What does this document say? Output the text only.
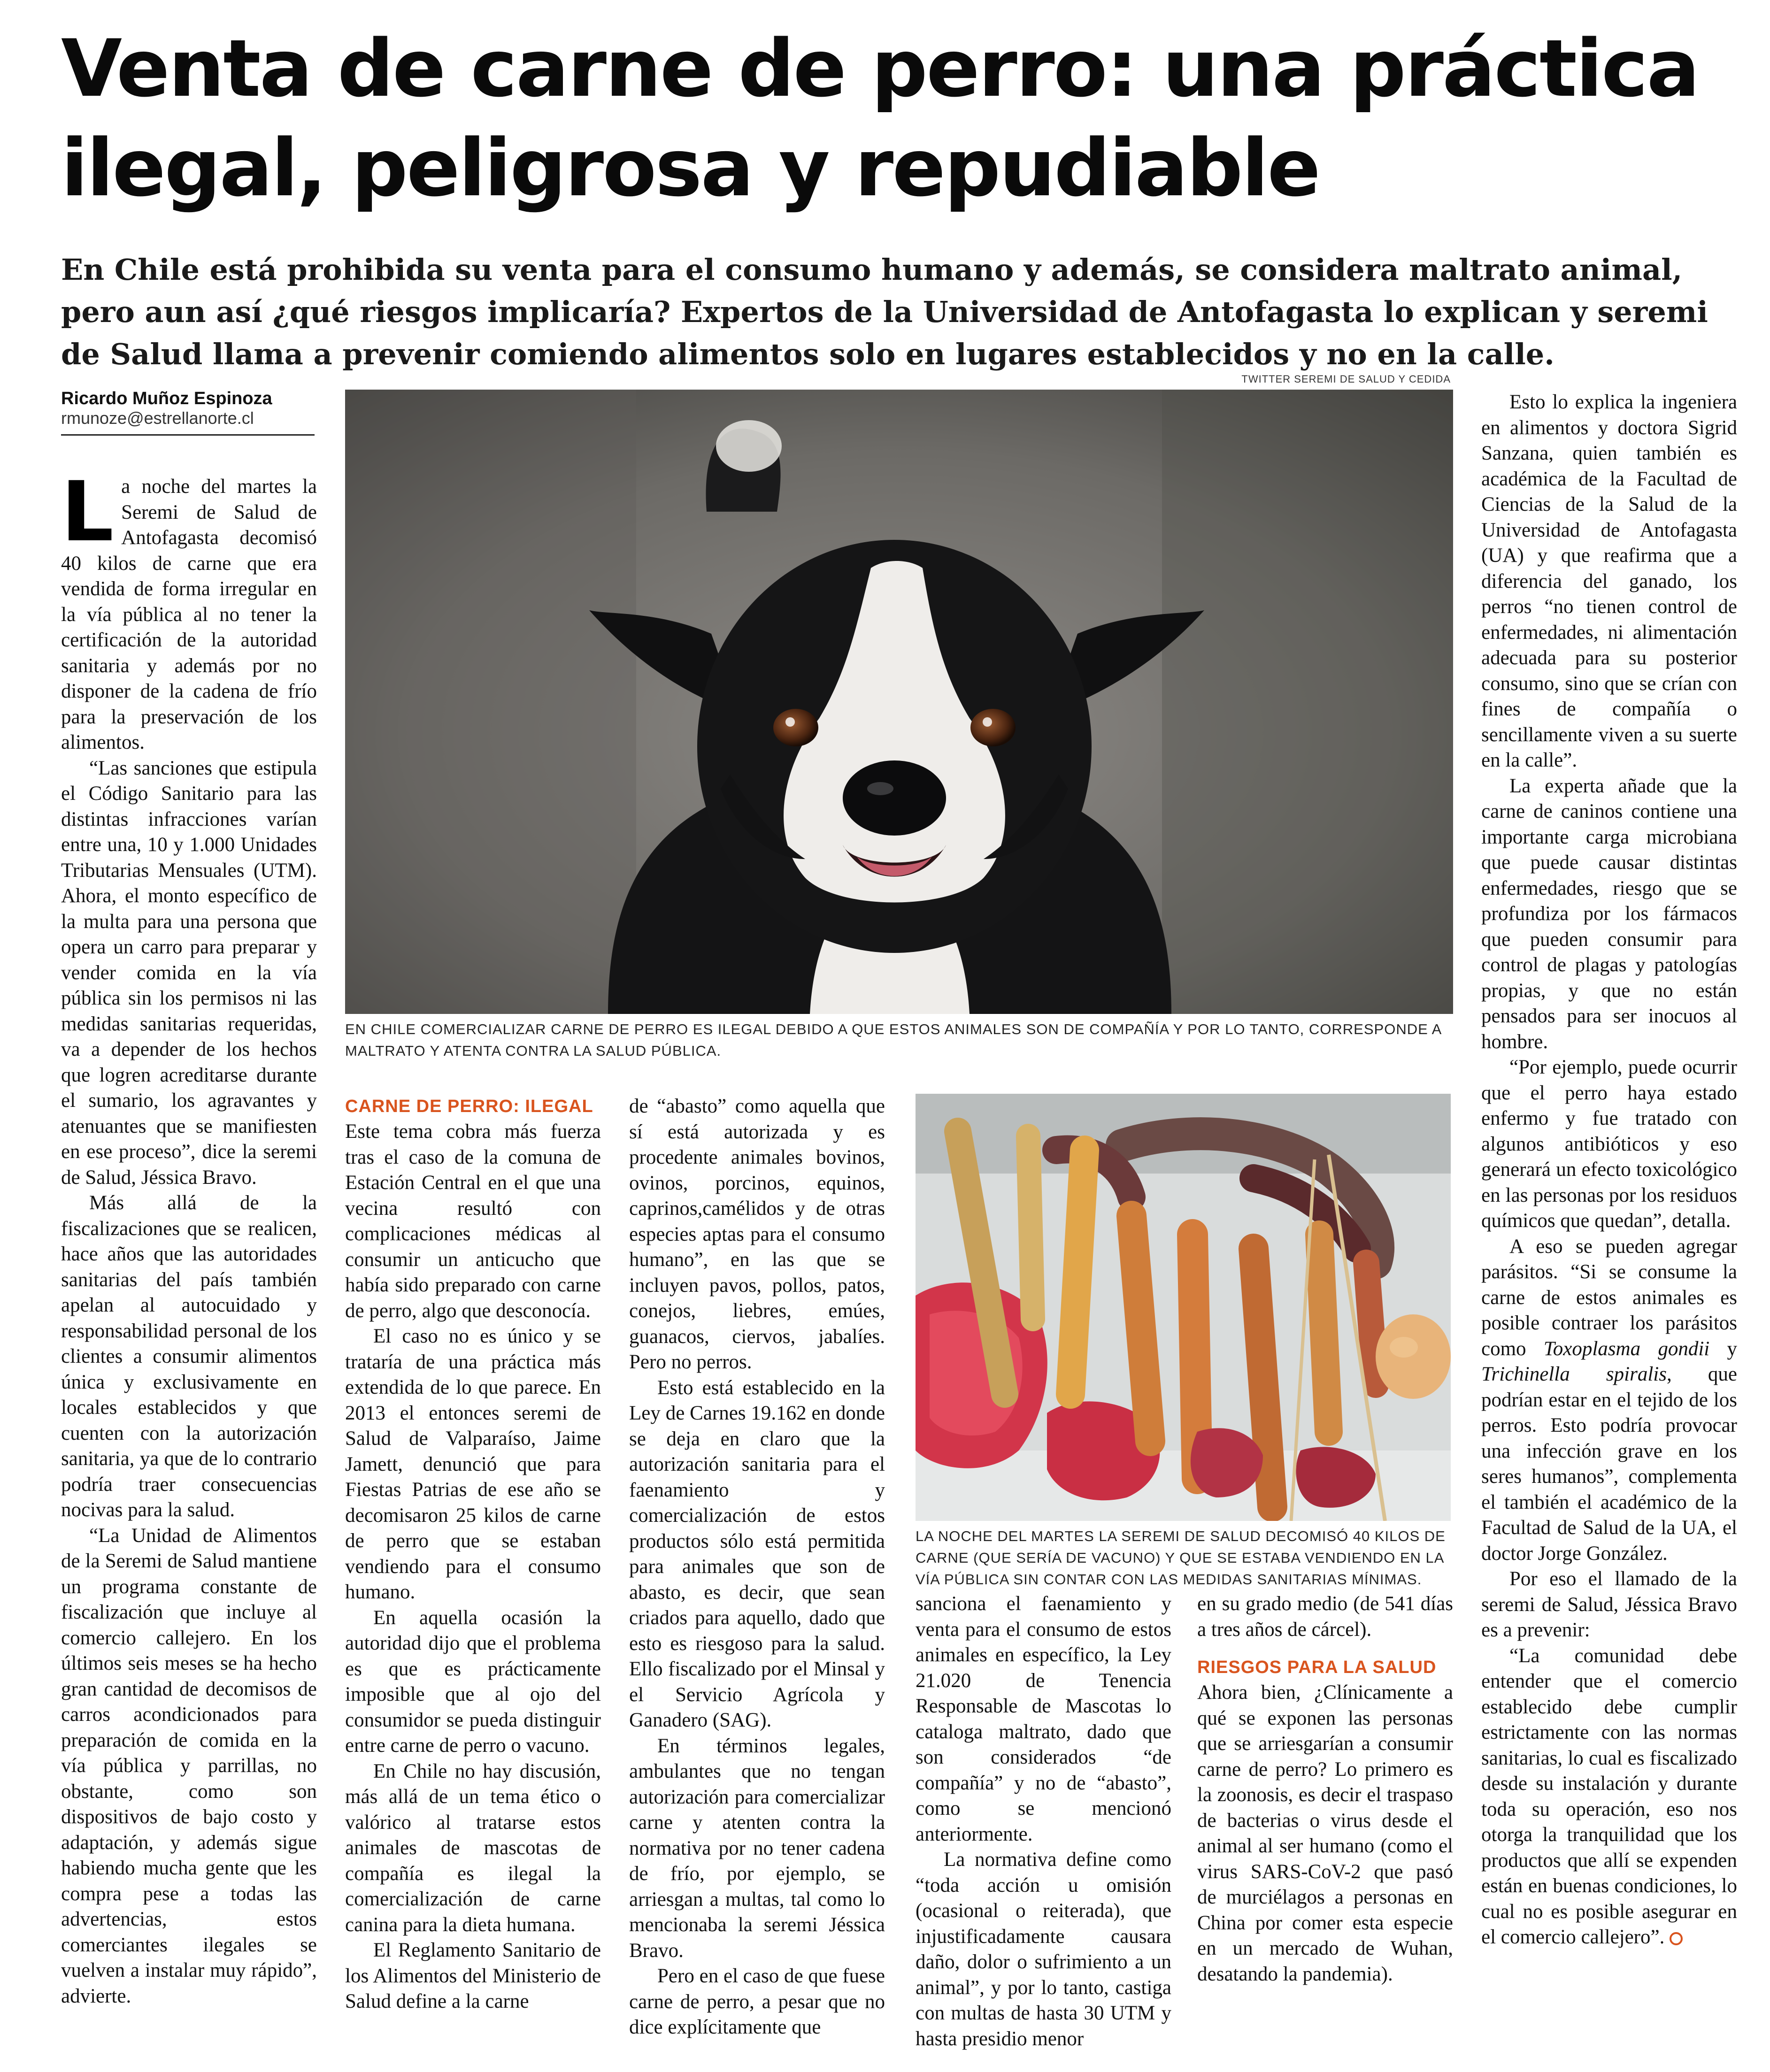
Venta de carne de perro: una práctica
ilegal, peligrosa y repudiable
En Chile está prohibida su venta para el consumo humano y además, se considera maltrato animal, pero aun así ¿qué riesgos implicaría? Expertos de la Universidad de Antofagasta lo explican y seremi de Salud llama a prevenir comiendo alimentos solo en lugares establecidos y no en la calle.
Ricardo Muñoz Espinoza
rmunoze@estrellanorte.cl
TWITTER SEREMI DE SALUD Y CEDIDA
EN CHILE COMERCIALIZAR CARNE DE PERRO ES ILEGAL DEBIDO A QUE ESTOS ANIMALES SON DE COMPAÑÍA Y POR LO TANTO, CORRESPONDE A MALTRATO Y ATENTA CONTRA LA SALUD PÚBLICA.
LA NOCHE DEL MARTES LA SEREMI DE SALUD DECOMISÓ 40 KILOS DE CARNE (QUE SERÍA DE VACUNO) Y QUE SE ESTABA VENDIENDO EN LA VÍA PÚBLICA SIN CONTAR CON LAS MEDIDAS SANITARIAS MÍNIMAS.

La noche del martes la Seremi de Salud de Antofagasta decomisó 40 kilos de carne que era vendida de forma irregular en la vía pública al no tener la certificación de la autoridad sanitaria y además por no disponer de la cadena de frío para la preservación de los alimentos.

“Las sanciones que estipula el Código Sanitario para las distintas infracciones varían entre una, 10 y 1.000 Unidades Tributarias Mensuales (UTM). Ahora, el monto específico de la multa para una persona que opera un carro para preparar y vender comida en la vía pública sin los permisos ni las medidas sanitarias requeridas, va a depender de los hechos que logren acreditarse durante el sumario, los agravantes y atenuantes que se manifiesten en ese proceso”, dice la seremi de Salud, Jéssica Bravo.

Más allá de la fiscalizaciones que se realicen, hace años que las autoridades sanitarias del país también apelan al autocuidado y responsabilidad personal de los clientes a consumir alimentos única y exclusivamente en locales establecidos y que cuenten con la autorización sanitaria, ya que de lo contrario podría traer consecuencias nocivas para la salud.

“La Unidad de Alimentos de la Seremi de Salud mantiene un programa constante de fiscalización que incluye al comercio callejero. En los últimos seis meses se ha hecho gran cantidad de decomisos de carros acondicionados para preparación de comida en la vía pública y parrillas, no obstante, como son dispositivos de bajo costo y adaptación, y además sigue habiendo mucha gente que les compra pese a todas las advertencias, estos comerciantes ilegales se vuelven a instalar muy rápido”, advierte.

CARNE DE PERRO: ILEGAL

Este tema cobra más fuerza tras el caso de la comuna de Estación Central en el que una vecina resultó con complicaciones médicas al consumir un anticucho que había sido preparado con carne de perro, algo que desconocía.

El caso no es único y se trataría de una práctica más extendida de lo que parece. En 2013 el entonces seremi de Salud de Valparaíso, Jaime Jamett, denunció que para Fiestas Patrias de ese año se decomisaron 25 kilos de carne de perro que se estaban vendiendo para el consumo humano.

En aquella ocasión la autoridad dijo que el problema es que es prácticamente imposible que al ojo del consumidor se pueda distinguir entre carne de perro o vacuno.

En Chile no hay discusión, más allá de un tema ético o valórico al tratarse estos animales de mascotas de compañía es ilegal la comercialización de carne canina para la dieta humana.

El Reglamento Sanitario de los Alimentos del Ministerio de Salud define a la carne

de “abasto” como aquella que sí está autorizada y es procedente animales bovinos, ovinos, porcinos, equinos, caprinos,camélidos y de otras especies aptas para el consumo humano”, en las que se incluyen pavos, pollos, patos, conejos, liebres, emúes, guanacos, ciervos, jabalíes. Pero no perros.

Esto está establecido en la Ley de Carnes 19.162 en donde se deja en claro que la autorización sanitaria para el faenamiento y comercialización de estos productos sólo está permitida para animales que son de abasto, es decir, que sean criados para aquello, dado que esto es riesgoso para la salud. Ello fiscalizado por el Minsal y el Servicio Agrícola y Ganadero (SAG).

En términos legales, ambulantes que no tengan autorización para comercializar carne y atenten contra la normativa por no tener cadena de frío, por ejemplo, se arriesgan a multas, tal como lo mencionaba la seremi Jéssica Bravo.

Pero en el caso de que fuese carne de perro, a pesar que no dice explícitamente que

sanciona el faenamiento y venta para el consumo de estos animales en específico, la Ley 21.020 de Tenencia Responsable de Mascotas lo cataloga maltrato, dado que son considerados “de compañía” y no de “abasto”, como se mencionó anteriormente.

La normativa define como “toda acción u omisión (ocasional o reiterada), que injustificadamente causara daño, dolor o sufrimiento a un animal”, y por lo tanto, castiga con multas de hasta 30 UTM y hasta presidio menor

en su grado medio (de 541 días a tres años de cárcel).

RIESGOS PARA LA SALUD

Ahora bien, ¿Clínicamente a qué se exponen las personas que se arriesgarían a consumir carne de perro? Lo primero es la zoonosis, es decir el traspaso de bacterias o virus desde el animal al ser humano (como el virus SARS-CoV-2 que pasó de murciélagos a personas en China por comer esta especie en un mercado de Wuhan, desatando la pandemia).

Esto lo explica la ingeniera en alimentos y doctora Sigrid Sanzana, quien también es académica de la Facultad de Ciencias de la Salud de la Universidad de Antofagasta (UA) y que reafirma que a diferencia del ganado, los perros “no tienen control de enfermedades, ni alimentación adecuada para su posterior consumo, sino que se crían con fines de compañía o sencillamente viven a su suerte en la calle”.

La experta añade que la carne de caninos contiene una importante carga microbiana que puede causar distintas enfermedades, riesgo que se profundiza por los fármacos que pueden consumir para control de plagas y patologías propias, y que no están pensados para ser inocuos al hombre.

“Por ejemplo, puede ocurrir que el perro haya estado enfermo y fue tratado con algunos antibióticos y eso generará un efecto toxicológico en las personas por los residuos químicos que quedan”, detalla.

A eso se pueden agregar parásitos. “Si se consume la carne de estos animales es posible contraer los parásitos como Toxoplasma gondii y Trichinella spiralis, que podrían estar en el tejido de los perros. Esto podría provocar una infección grave en los seres humanos”, complementa el también el académico de la Facultad de Salud de la UA, el doctor Jorge González.

Por eso el llamado de la seremi de Salud, Jéssica Bravo es a prevenir:

“La comunidad debe entender que el comercio establecido debe cumplir estrictamente con las normas sanitarias, lo cual es fiscalizado desde su instalación y durante toda su operación, eso nos otorga la tranquilidad que los productos que allí se expenden están en buenas condiciones, lo cual no es posible asegurar en el comercio callejero”.
